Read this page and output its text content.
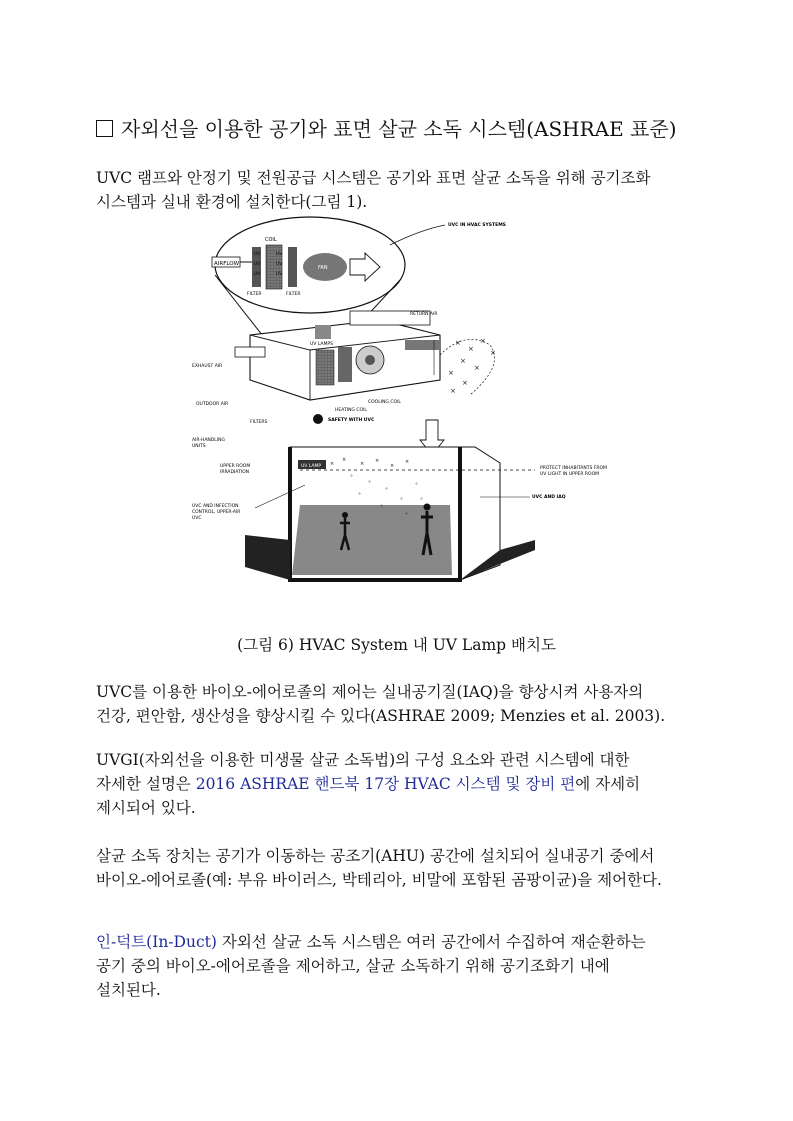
자외선을 이용한 공기와 표면 살균 소독 시스템(ASHRAE 표준)
UVC 램프와 안정기 및 전원공급 시스템은 공기와 표면 살균 소독을 위해 공기조화
시스템과 실내 환경에 설치한다(그림 1).
AIRFLOW
COIL
UV
UV
UV
UV
UV
UV
FAN
FILTER	FILTER
UVC IN HVAC SYSTEMS
×
×
×
×
×
×
×
×
×
RETURN AIR
UV LAMPS
EXHAUST AIR
OUTDOOR AIR	COOLING COIL
HEATING COIL
FILTERS	SAFETY WITH UVC
AIR-HANDLING
UNITS
UV LAMP ×
×
× ×
×
×
∘
∘
∘
∘
∘
∘
∘
∘
∘
UPPER ROOM
IRRADIATION
PROTECT INHABITANTS FROM
UV LIGHT IN UPPER ROOM
UVC AND IAQ
UVC AND INFECTION
CONTROL, UPPER-AIR
UVC
(그림 6) HVAC System 내 UV Lamp 배치도
UVC를 이용한 바이오-에어로졸의 제어는 실내공기질(IAQ)을 향상시켜 사용자의
건강, 편안함, 생산성을 향상시킬 수 있다(ASHRAE 2009; Menzies et al. 2003).
UVGI(자외선을 이용한 미생물 살균 소독법)의 구성 요소와 관련 시스템에 대한
자세한 설명은 2016 ASHRAE 핸드북 17장 HVAC 시스템 및 장비 편에 자세히
제시되어 있다.
살균 소독 장치는 공기가 이동하는 공조기(AHU) 공간에 설치되어 실내공기 중에서
바이오-에어로졸(예: 부유 바이러스, 박테리아, 비말에 포함된 곰팡이균)을 제어한다.
인-덕트(In-Duct) 자외선 살균 소독 시스템은 여러 공간에서 수집하여 재순환하는
공기 중의 바이오-에어로졸을 제어하고, 살균 소독하기 위해 공기조화기 내에
설치된다.
